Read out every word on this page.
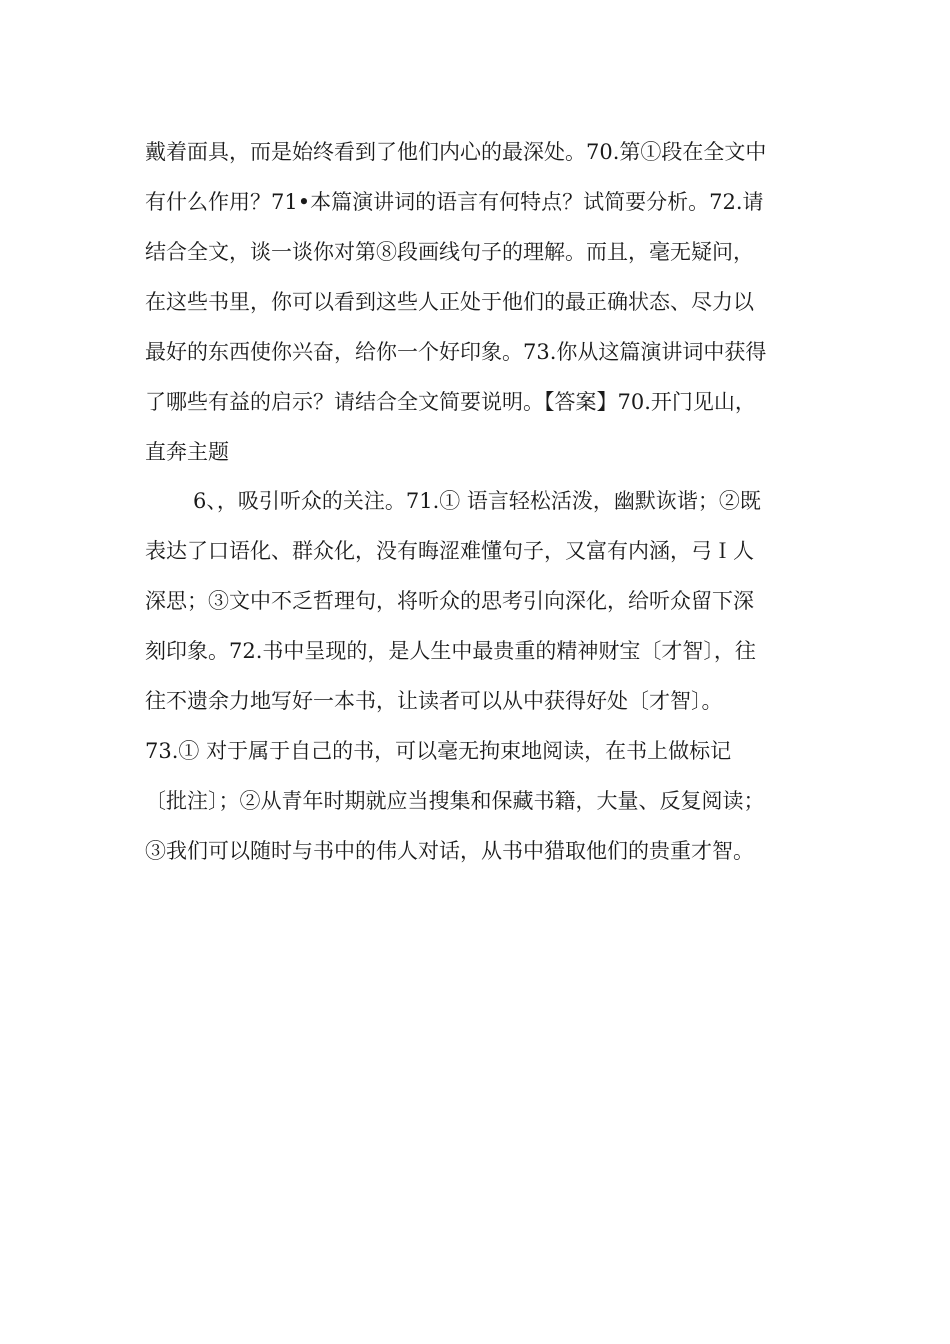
戴着面具，而是始终看到了他们内心的最深处。70.第①段在全文中
有什么作用？71•本篇演讲词的语言有何特点？试简要分析。72.请
结合全文，谈一谈你对第⑧段画线句子的理解。而且，毫无疑问，
在这些书里，你可以看到这些人正处于他们的最正确状态、尽力以
最好的东西使你兴奋，给你一个好印象。73.你从这篇演讲词中获得
了哪些有益的启示？请结合全文简要说明。【答案】70.开门见山，
直奔主题
6、，吸引听众的关注。71.① 语言轻松活泼，幽默诙谐；②既
表达了口语化、群众化，没有晦涩难懂句子，又富有内涵，弓Ｉ人
深思；③文中不乏哲理句，将听众的思考引向深化，给听众留下深
刻印象。72.书中呈现的，是人生中最贵重的精神财宝〔才智〕，往
往不遗余力地写好一本书，让读者可以从中获得好处〔才智〕。
73.① 对于属于自己的书，可以毫无拘束地阅读，在书上做标记
〔批注〕；②从青年时期就应当搜集和保藏书籍，大量、反复阅读；
③我们可以随时与书中的伟人对话，从书中猎取他们的贵重才智。
